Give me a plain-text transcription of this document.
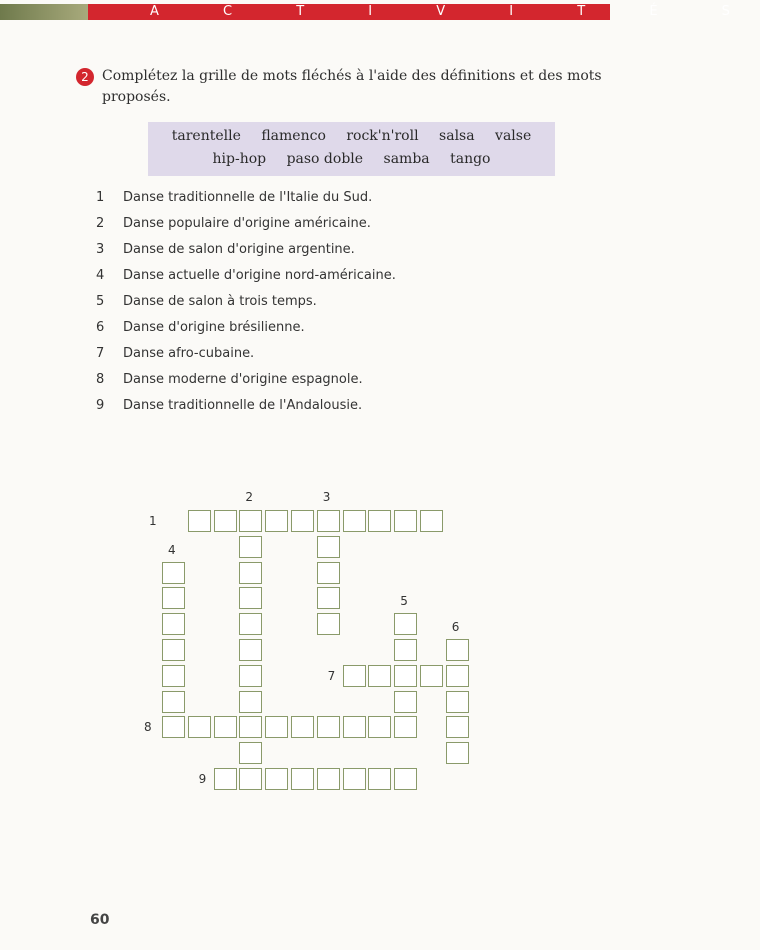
A C T I V I T É S
2 Complétez la grille de mots fléchés à l'aide des définitions et des mots proposés.
tarentelle flamenco rock'n'roll salsa valse
hip-hop paso doble samba tango
1 Danse traditionnelle de l'Italie du Sud.
2 Danse populaire d'origine américaine.
3 Danse de salon d'origine argentine.
4 Danse actuelle d'origine nord-américaine.
5 Danse de salon à trois temps.
6 Danse d'origine brésilienne.
7 Danse afro-cubaine.
8 Danse moderne d'origine espagnole.
9 Danse traditionnelle de l'Andalousie.
1
2	3
4
5
6
7
8
9
60
